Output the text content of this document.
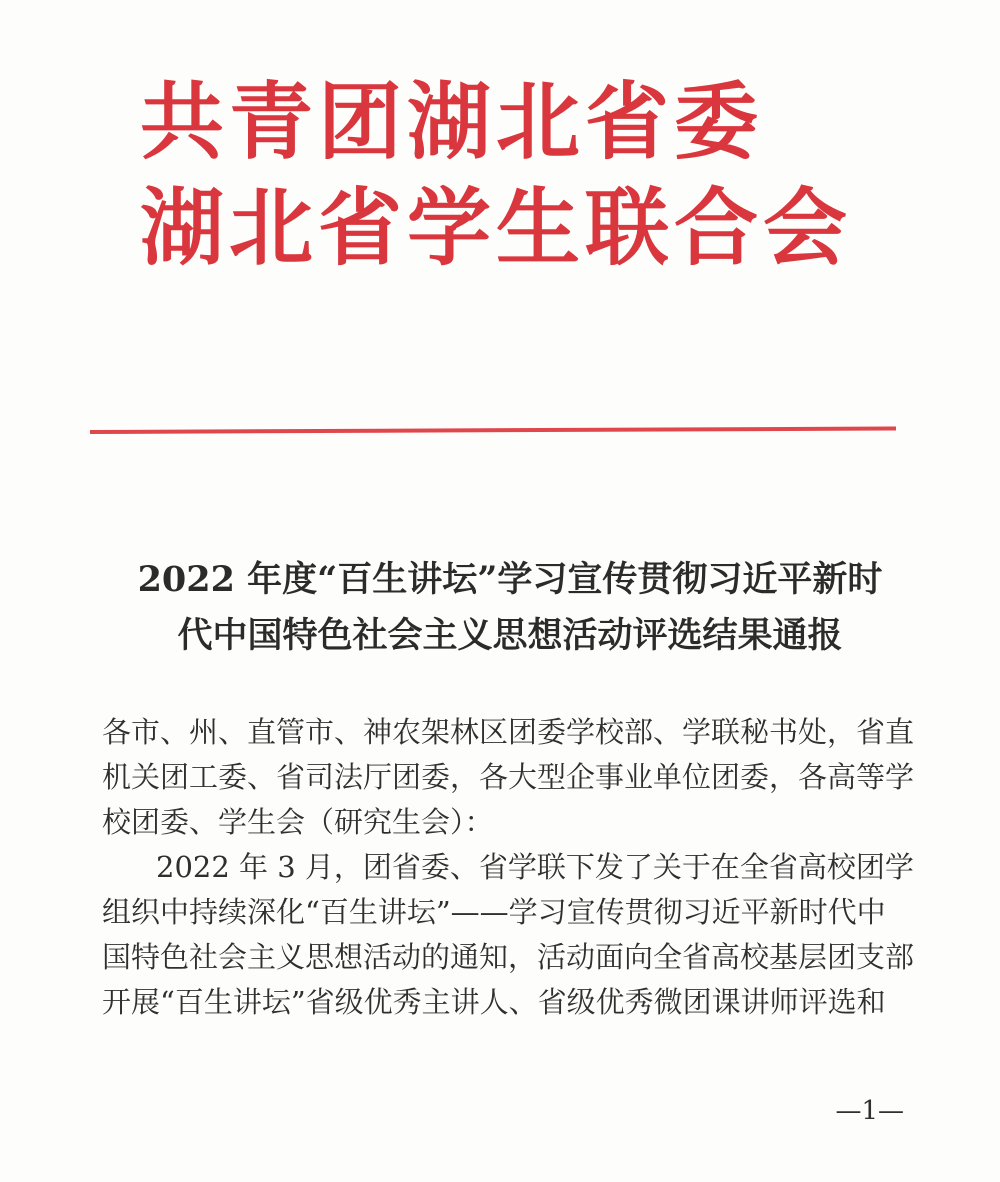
共青团湖北省委
湖北省学生联合会
2022 年度“百生讲坛”学习宣传贯彻习近平新时
代中国特色社会主义思想活动评选结果通报
各市、州、直管市、神农架林区团委学校部、学联秘书处，省直
机关团工委、省司法厅团委，各大型企事业单位团委，各高等学
校团委、学生会（研究生会）：
2022 年 3 月，团省委、省学联下发了关于在全省高校团学
组织中持续深化“百生讲坛”——学习宣传贯彻习近平新时代中
国特色社会主义思想活动的通知，活动面向全省高校基层团支部
开展“百生讲坛”省级优秀主讲人、省级优秀微团课讲师评选和
—1—
